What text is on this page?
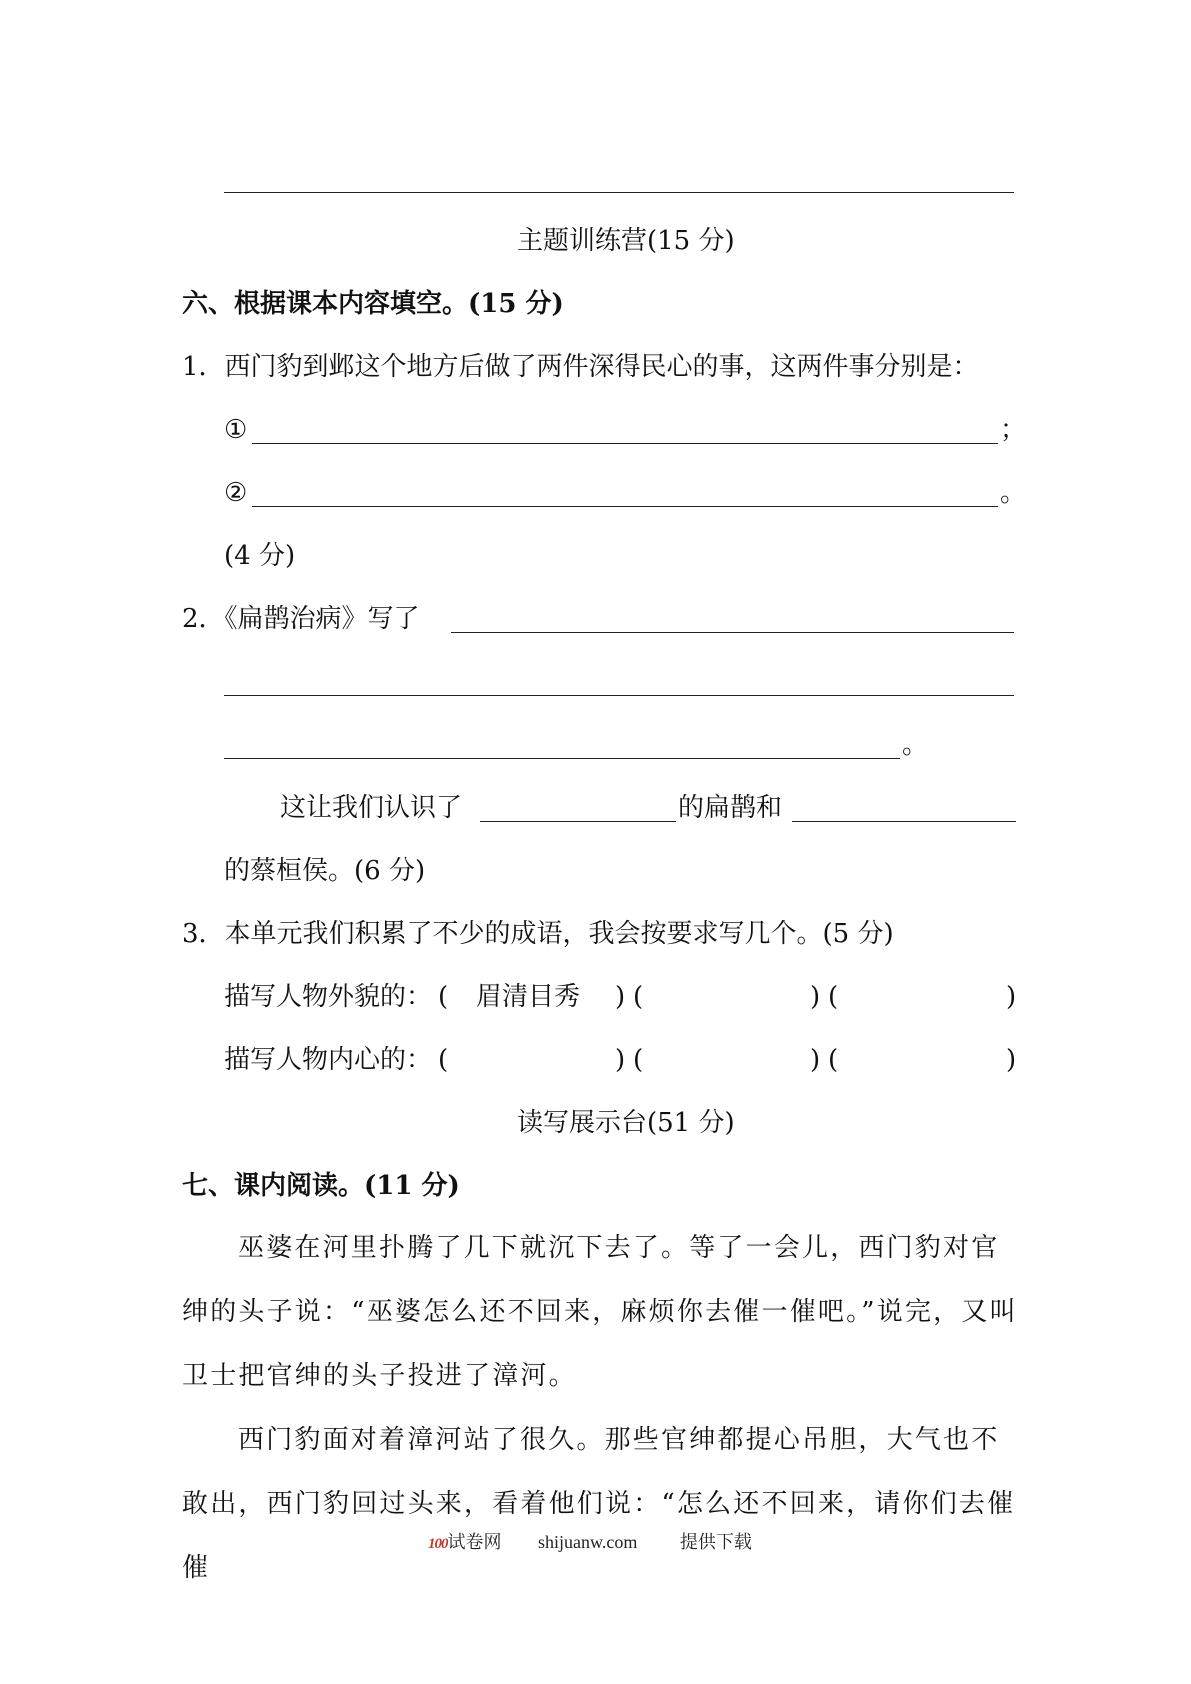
主题训练营(15 分)
六、根据课本内容填空。(15 分)
1．西门豹到邺这个地方后做了两件深得民心的事，这两件事分别是：
①	；
②	。
(4 分)
2．《扁鹊治病》写了
。
这让我们认识了	的扁鹊和
的蔡桓侯。(6 分)
3．本单元我们积累了不少的成语，我会按要求写几个。(5 分)
描写人物外貌的： ( 眉清目秀 ) (	) (	)
描写人物内心的： (	) (	) (	)
读写展示台(51 分)
七、课内阅读。(11 分)
巫婆在河里扑腾了几下就沉下去了。等了一会儿，西门豹对官绅的头子说：“巫婆怎么还不回来，麻烦你去催一催吧。”说完，又叫卫士把官绅的头子投进了漳河。
西门豹面对着漳河站了很久。那些官绅都提心吊胆，大气也不敢出，西门豹回过头来，看着他们说：“怎么还不回来，请你们去催催
100试卷网 shijuanw.com 提供下载
